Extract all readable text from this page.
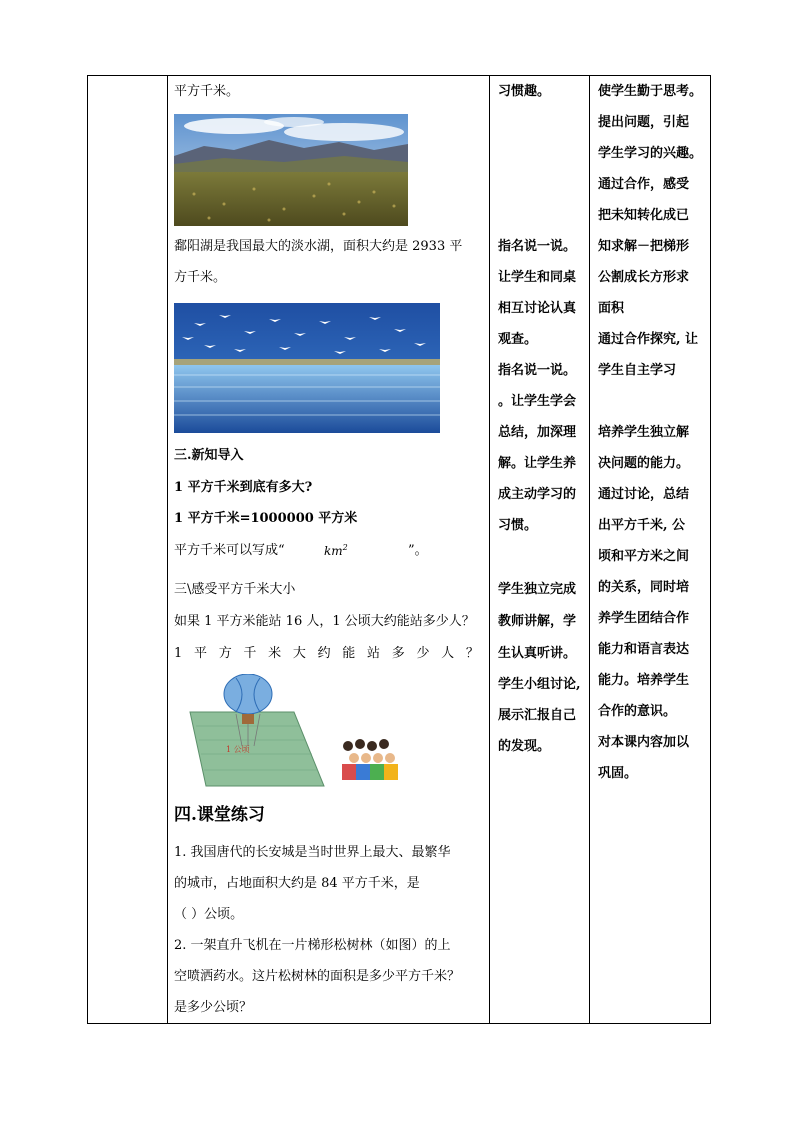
平方千米。
鄱阳湖是我国最大的淡水湖，面积大约是 2933 平
方千米。
三.新知导入
1 平方千米到底有多大?
1 平方千米=1000000 平方米
平方千米可以写成“	$km^2$	”。
三\感受平方千米大小
如果 1 平方米能站 16 人，1 公顷大约能站多少人？
1 平 方 千 米 大 约 能 站 多 少 人 ？
1 公顷
四.课堂练习
1. 我国唐代的长安城是当时世界上最大、最繁华
的城市，占地面积大约是 84 平方千米，是
（ ）公顷。
2. 一架直升飞机在一片梯形松树林（如图）的上
空喷洒药水。这片松树林的面积是多少平方千米？
是多少公顷？

习惯趣。
指名说一说。
让学生和同桌
相互讨论认真
观查。
指名说一说。
。让学生学会
总结，加深理
解。让学生养
成主动学习的
习惯。
学生独立完成
教师讲解，学
生认真听讲。
学生小组讨论,
展示汇报自己
的发现。

使学生勤于思考。
提出问题，引起
学生学习的兴趣。
通过合作，感受
把未知转化成已
知求解－把梯形
公割成长方形求
面积
通过合作探究, 让
学生自主学习
培养学生独立解
决问题的能力。
通过讨论，总结
出平方千米, 公
顷和平方米之间
的关系，同时培
养学生团结合作
能力和语言表达
能力。培养学生
合作的意识。
对本课内容加以
巩固。
